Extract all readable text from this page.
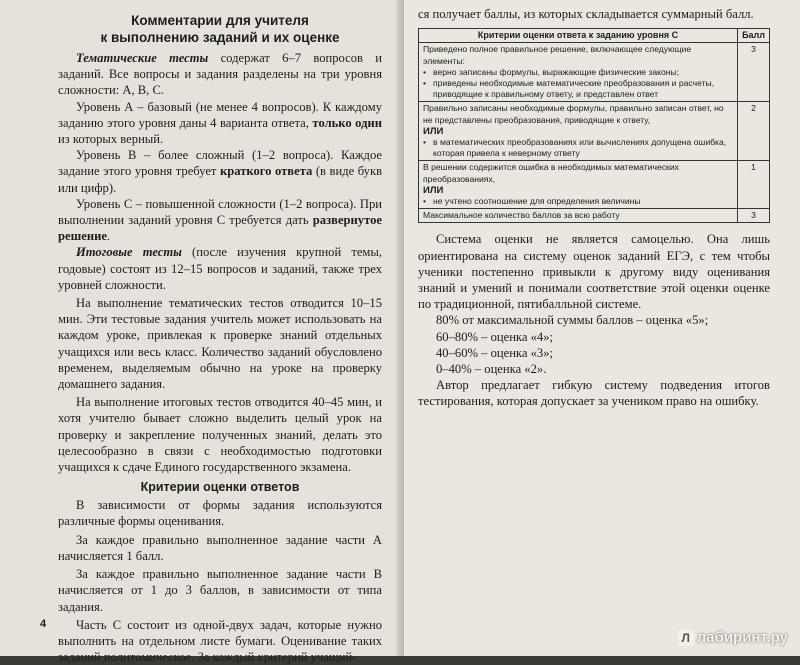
Комментарии для учителя
к выполнению заданий и их оценке

Тематические тесты содержат 6–7 вопросов и заданий. Все вопросы и задания разделены на три уровня сложности: A, B, C.

Уровень А – базовый (не менее 4 вопросов). К каждому заданию этого уровня даны 4 варианта ответа, только один из которых верный.

Уровень В – более сложный (1–2 вопроса). Каждое задание этого уровня требует краткого ответа (в виде букв или цифр).

Уровень С – повышенной сложности (1–2 вопроса). При выполнении заданий уровня С требуется дать развернутое решение.

Итоговые тесты (после изучения крупной темы, годовые) состоят из 12–15 вопросов и заданий, также трех уровней сложности.

На выполнение тематических тестов отводится 10–15 мин. Эти тестовые задания учитель может использовать на каждом уроке, привлекая к проверке знаний отдельных учащихся или весь класс. Количество заданий обусловлено временем, выделяемым обычно на уроке на проверку домашнего задания.

На выполнение итоговых тестов отводится 40–45 мин, и хотя учителю бывает сложно выделить целый урок на проверку и закрепление полученных знаний, делать это целесообразно в связи с необходимостью подготовки учащихся к сдаче Единого государственного экзамена.

Критерии оценки ответов

В зависимости от формы задания используются различные формы оценивания.

За каждое правильно выполненное задание части А начисляется 1 балл.

За каждое правильно выполненное задание части В начисляется от 1 до 3 баллов, в зависимости от типа задания.

Часть С состоит из одной-двух задач, которые нужно выполнить на отдельном листе бумаги. Оценивание таких заданий политомическое. За каждый критерий учащий-

4

ся получает баллы, из которых складывается суммарный балл.

Критерии оценки ответа к заданию уровня С	Балл

Приведено полное правильное решение, включающее следующие элементы:
• верно записаны формулы, выражающие физические законы;
• приведены необходимые математические преобразования и расчеты, приводящие к правильному ответу, и представлен ответ	3

Правильно записаны необходимые формулы, правильно записан ответ, но не представлены преобразования, приводящие к ответу,
ИЛИ
• в математических преобразованиях или вычислениях допущена ошибка, которая привела к неверному ответу	2

В решении содержится ошибка в необходимых математических преобразованиях,
ИЛИ
• не учтено соотношение для определения величины	1
Максимальное количество баллов за всю работу	3

Система оценки не является самоцелью. Она лишь ориентирована на систему оценок заданий ЕГЭ, с тем чтобы ученики постепенно привыкли к другому виду оценивания знаний и умений и понимали соответствие этой оценки оценке по традиционной, пятибалльной системе.

80% от максимальной суммы баллов – оценка «5»;

60–80% – оценка «4»;

40–60% – оценка «3»;

0–40% – оценка «2».

Автор предлагает гибкую систему подведения итогов тестирования, которая допускает за учеником право на ошибку.

Л лабиринт.ру
